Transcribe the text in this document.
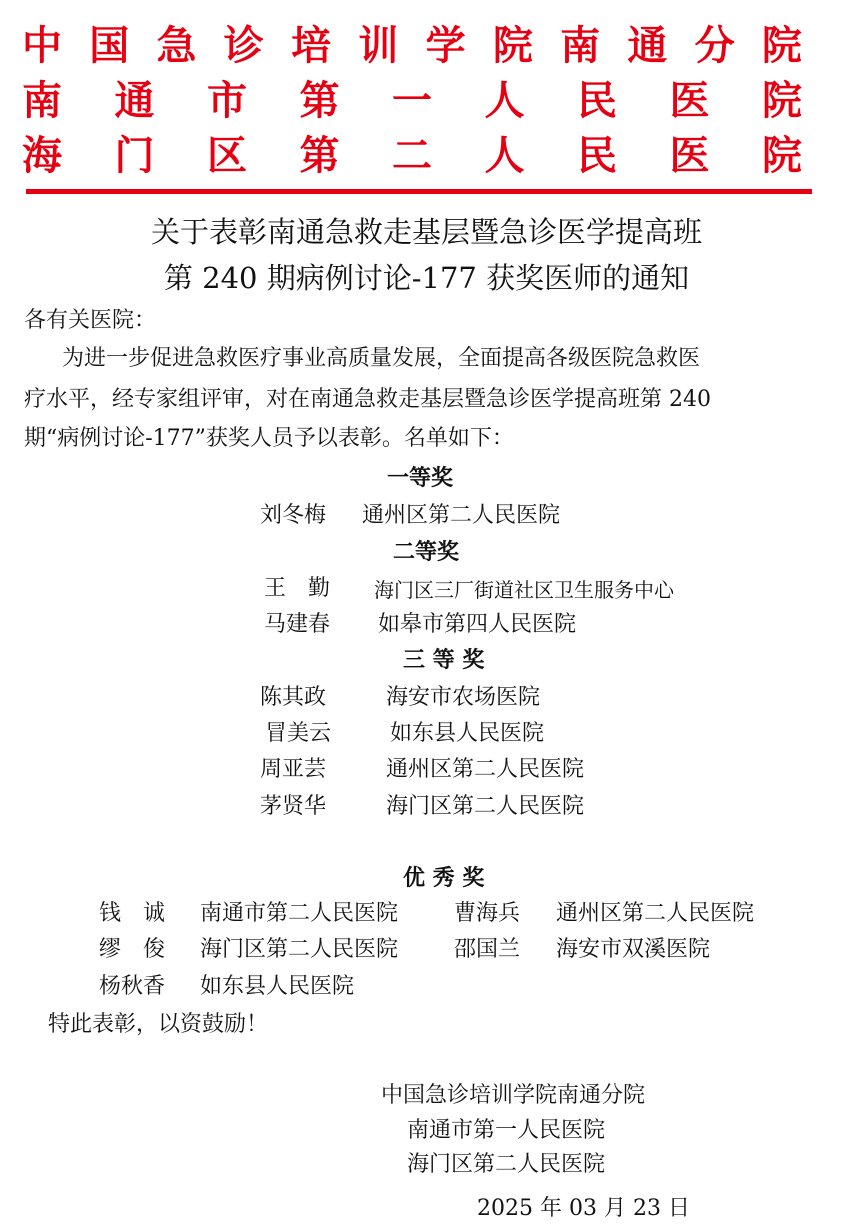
中 国 急 诊 培 训 学 院 南 通 分 院
南 通 市 第 一 人 民 医 院
海 门 区 第 二 人 民 医 院
关于表彰南通急救走基层暨急诊医学提高班
第 240 期病例讨论-177 获奖医师的通知
各有关医院：
为进一步促进急救医疗事业高质量发展，全面提高各级医院急救医
疗水平，经专家组评审，对在南通急救走基层暨急诊医学提高班第 240
期“病例讨论-177”获奖人员予以表彰。名单如下：
一等奖
刘冬梅 通州区第二人民医院
二等奖
王　勤 海门区三厂街道社区卫生服务中心
马建春 如皋市第四人民医院
三 等 奖
陈其政	海安市农场医院
冒美云	如东县人民医院
周亚芸	通州区第二人民医院
茅贤华	海门区第二人民医院
优 秀 奖
钱　诚 南通市第二人民医院	曹海兵 通州区第二人民医院
缪　俊 海门区第二人民医院	邵国兰 海安市双溪医院
杨秋香 如东县人民医院
特此表彰，以资鼓励！
中国急诊培训学院南通分院
南通市第一人民医院
海门区第二人民医院
2025 年 03 月 23 日
